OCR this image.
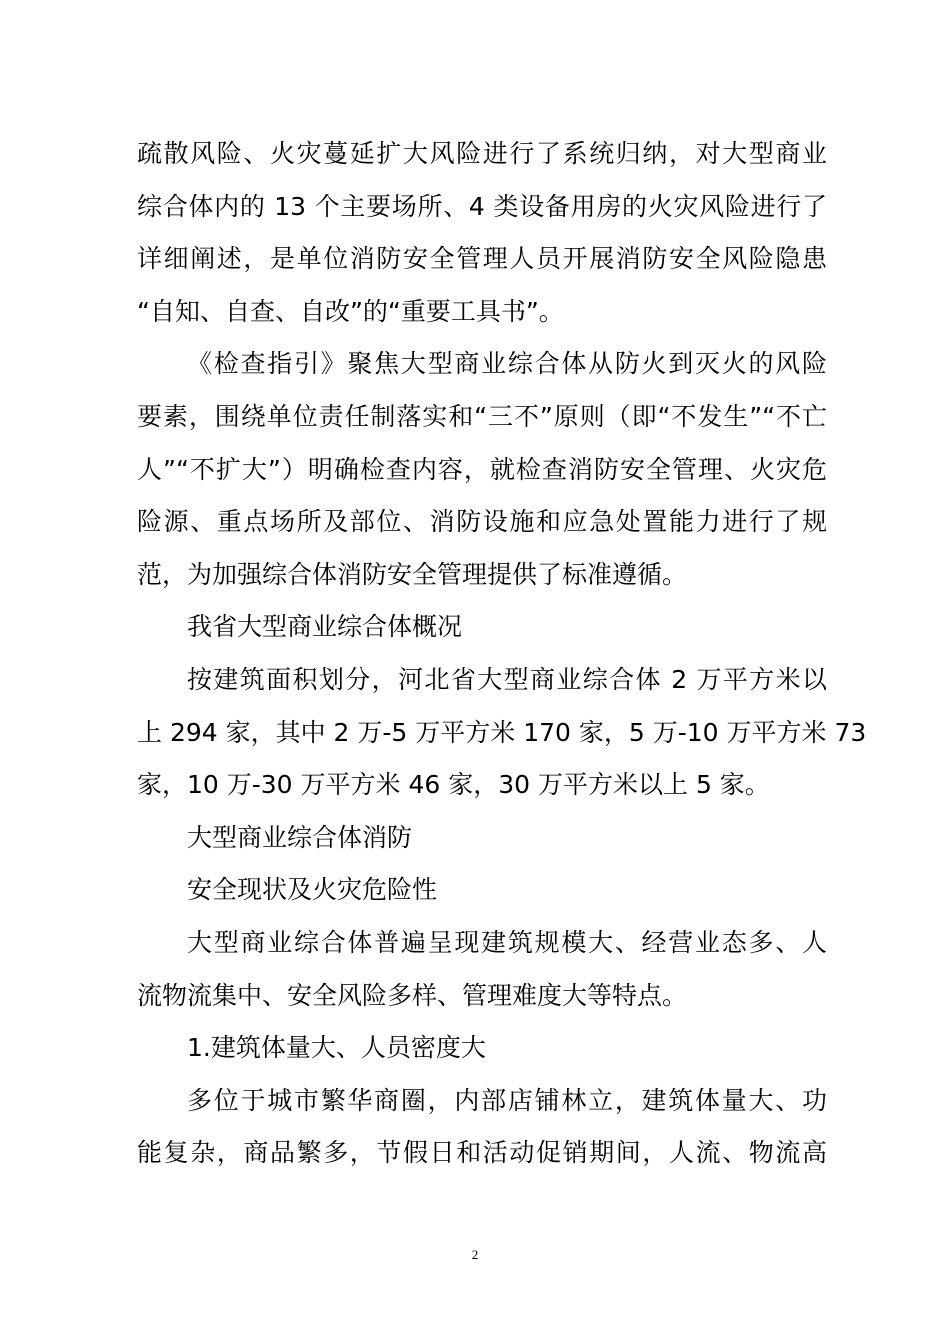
疏散风险、火灾蔓延扩大风险进行了系统归纳，对大型商业
综合体内的 13 个主要场所、4 类设备用房的火灾风险进行了
详细阐述，是单位消防安全管理人员开展消防安全风险隐患
“自知、自查、自改”的“重要工具书”。
《检查指引》聚焦大型商业综合体从防火到灭火的风险
要素，围绕单位责任制落实和“三不”原则（即“不发生”“不亡
人”“不扩大”）明确检查内容，就检查消防安全管理、火灾危
险源、重点场所及部位、消防设施和应急处置能力进行了规
范，为加强综合体消防安全管理提供了标准遵循。
我省大型商业综合体概况
按建筑面积划分，河北省大型商业综合体 2 万平方米以
上 294 家，其中 2 万-5 万平方米 170 家，5 万-10 万平方米 73
家，10 万-30 万平方米 46 家，30 万平方米以上 5 家。
大型商业综合体消防
安全现状及火灾危险性
大型商业综合体普遍呈现建筑规模大、经营业态多、人
流物流集中、安全风险多样、管理难度大等特点。
1.建筑体量大、人员密度大
多位于城市繁华商圈，内部店铺林立，建筑体量大、功
能复杂，商品繁多，节假日和活动促销期间，人流、物流高
2
